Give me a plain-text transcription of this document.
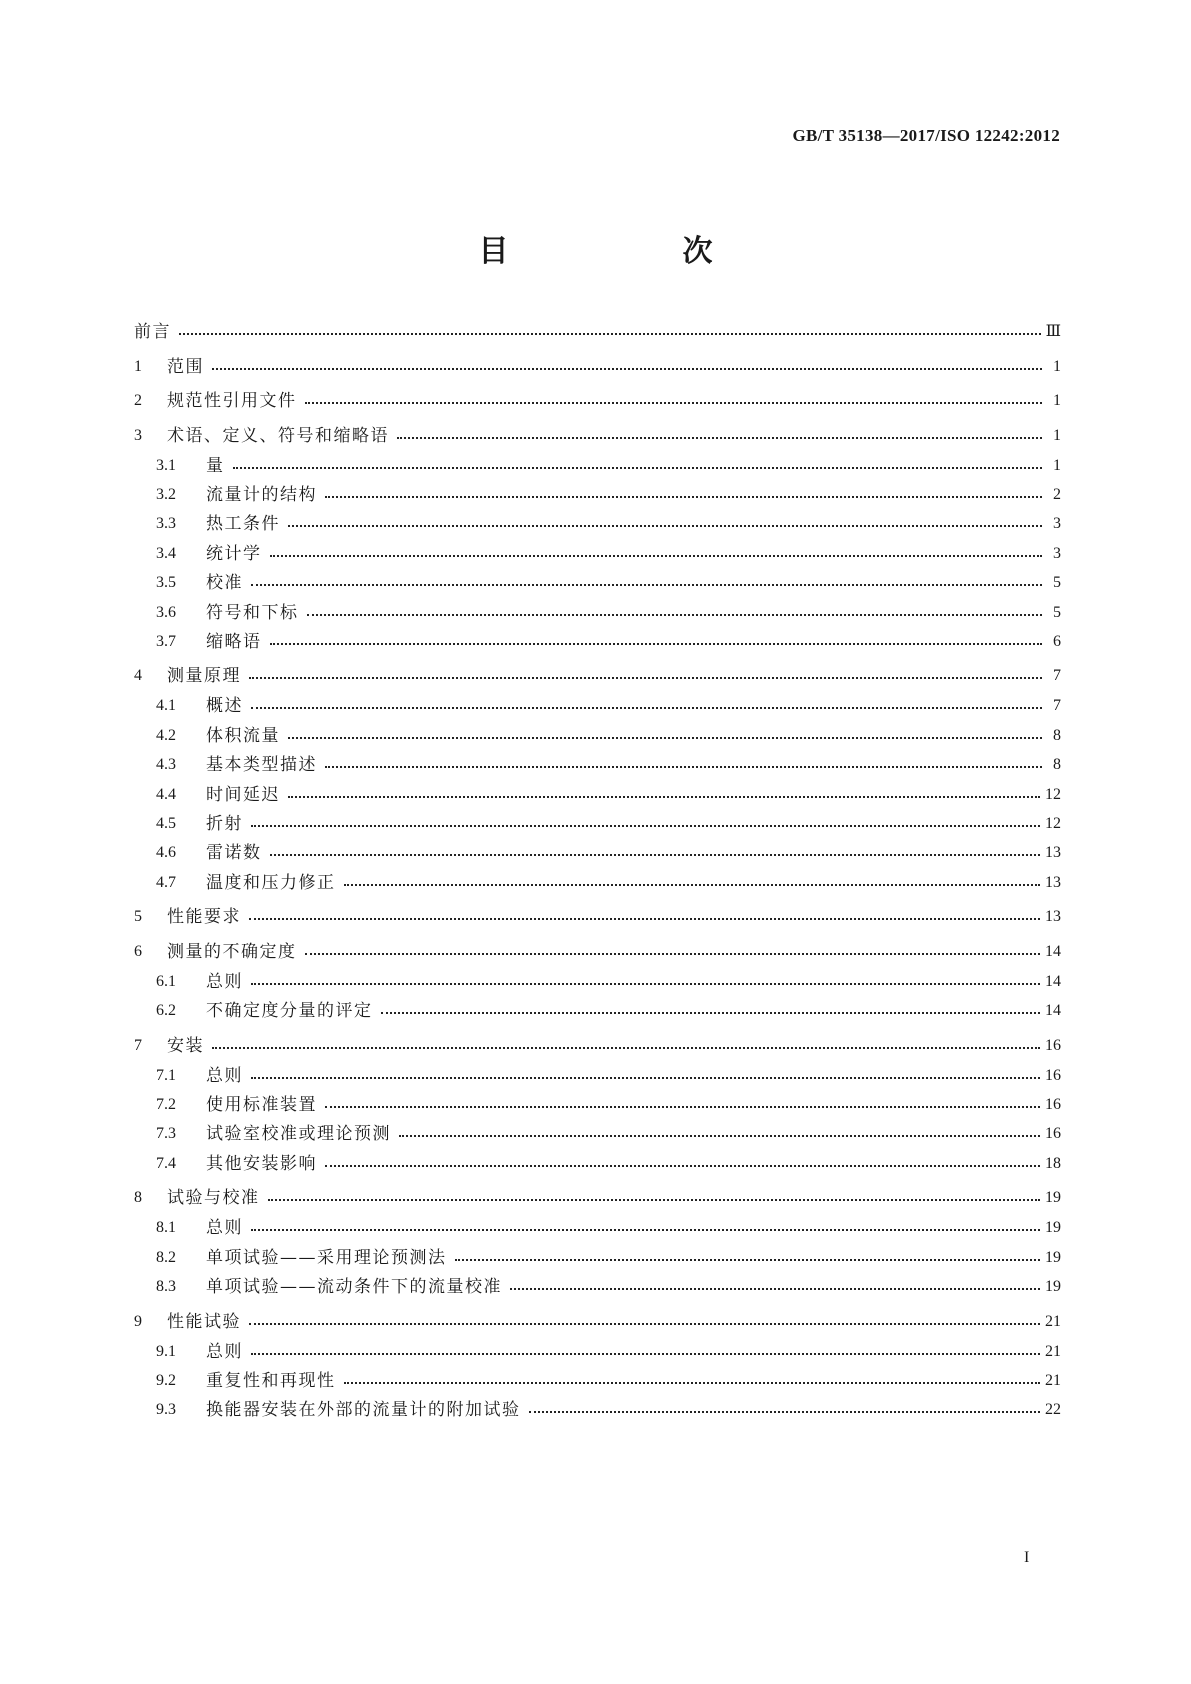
GB/T 35138—2017/ISO 12242:2012
目　次
前言	Ⅲ
1	范围	1
2	规范性引用文件	1
3	术语、定义、符号和缩略语	1
3.1	量	1
3.2	流量计的结构	2
3.3	热工条件	3
3.4	统计学	3
3.5	校准	5
3.6	符号和下标	5
3.7	缩略语	6
4	测量原理	7
4.1	概述	7
4.2	体积流量	8
4.3	基本类型描述	8
4.4	时间延迟	12
4.5	折射	12
4.6	雷诺数	13
4.7	温度和压力修正	13
5	性能要求	13
6	测量的不确定度	14
6.1	总则	14
6.2	不确定度分量的评定	14
7	安装	16
7.1	总则	16
7.2	使用标准装置	16
7.3	试验室校准或理论预测	16
7.4	其他安装影响	18
8	试验与校准	19
8.1	总则	19
8.2	单项试验——采用理论预测法	19
8.3	单项试验——流动条件下的流量校准	19
9	性能试验	21
9.1	总则	21
9.2	重复性和再现性	21
9.3	换能器安装在外部的流量计的附加试验	22
I
